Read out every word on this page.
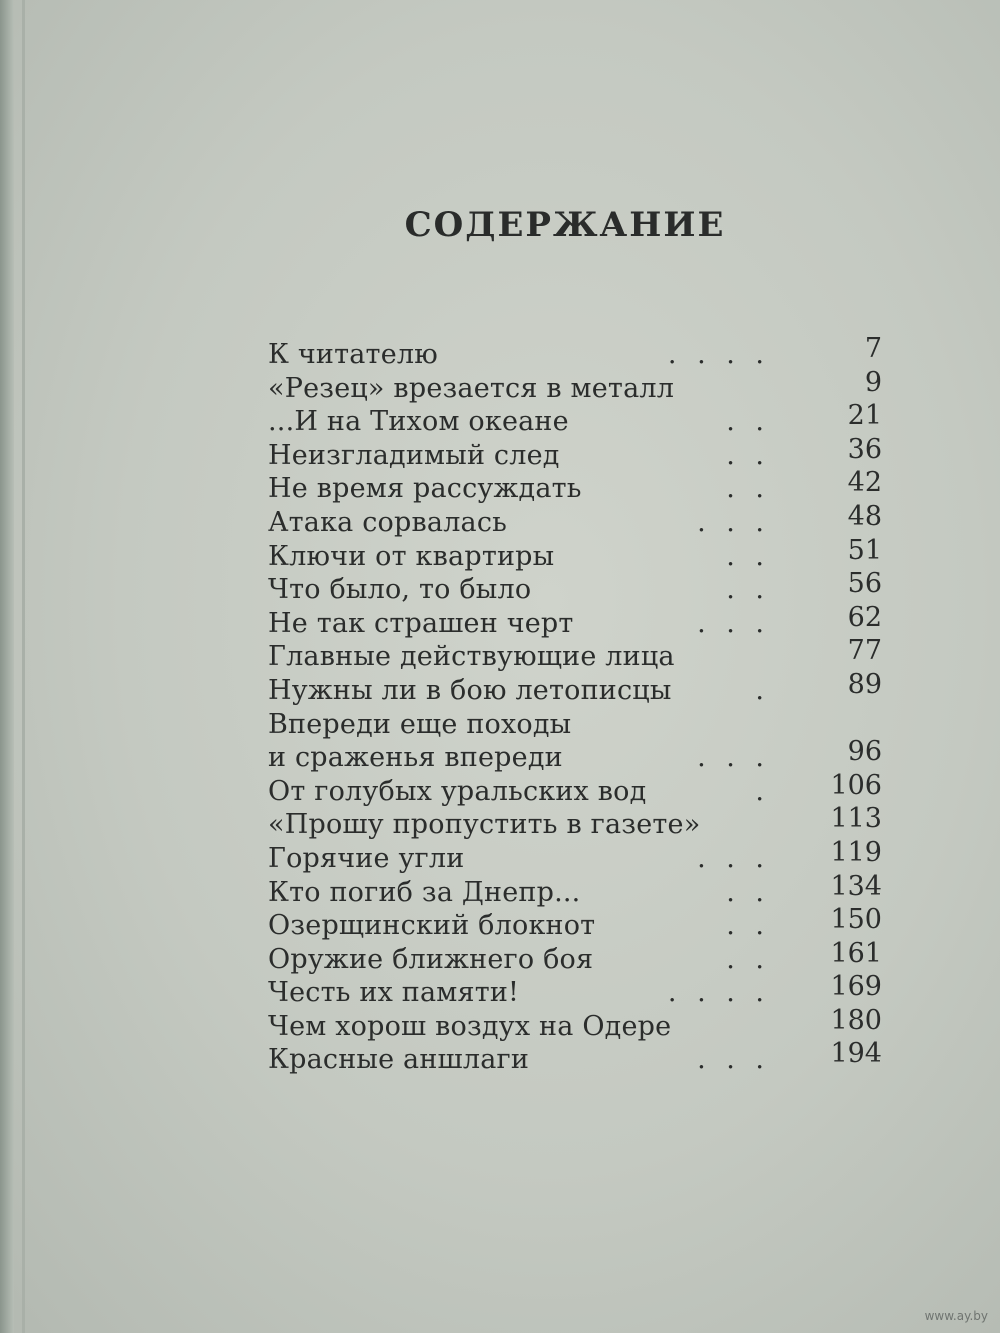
СОДЕРЖАНИЕ
К читателю	. . . .	7
«Резец» врезается в металл	9
...И на Тихом океане	. .	21
Неизгладимый след	. .	36
Не время рассуждать	. .	42
Атака сорвалась	. . .	48
Ключи от квартиры	. .	51
Что было, то было	. .	56
Не так страшен черт	. . .	62
Главные действующие лица	77
Нужны ли в бою летописцы	.	89
Впереди еще походы
и сраженья впереди	. . .	96
От голубых уральских вод	.	106
«Прошу пропустить в газете»	113
Горячие угли	. . .	119
Кто погиб за Днепр...	. .	134
Озерщинский блокнот	. .	150
Оружие ближнего боя	. .	161
Честь их памяти!	. . . .	169
Чем хорош воздух на Одере	180
Красные аншлаги	. . .	194
www.ay.by
